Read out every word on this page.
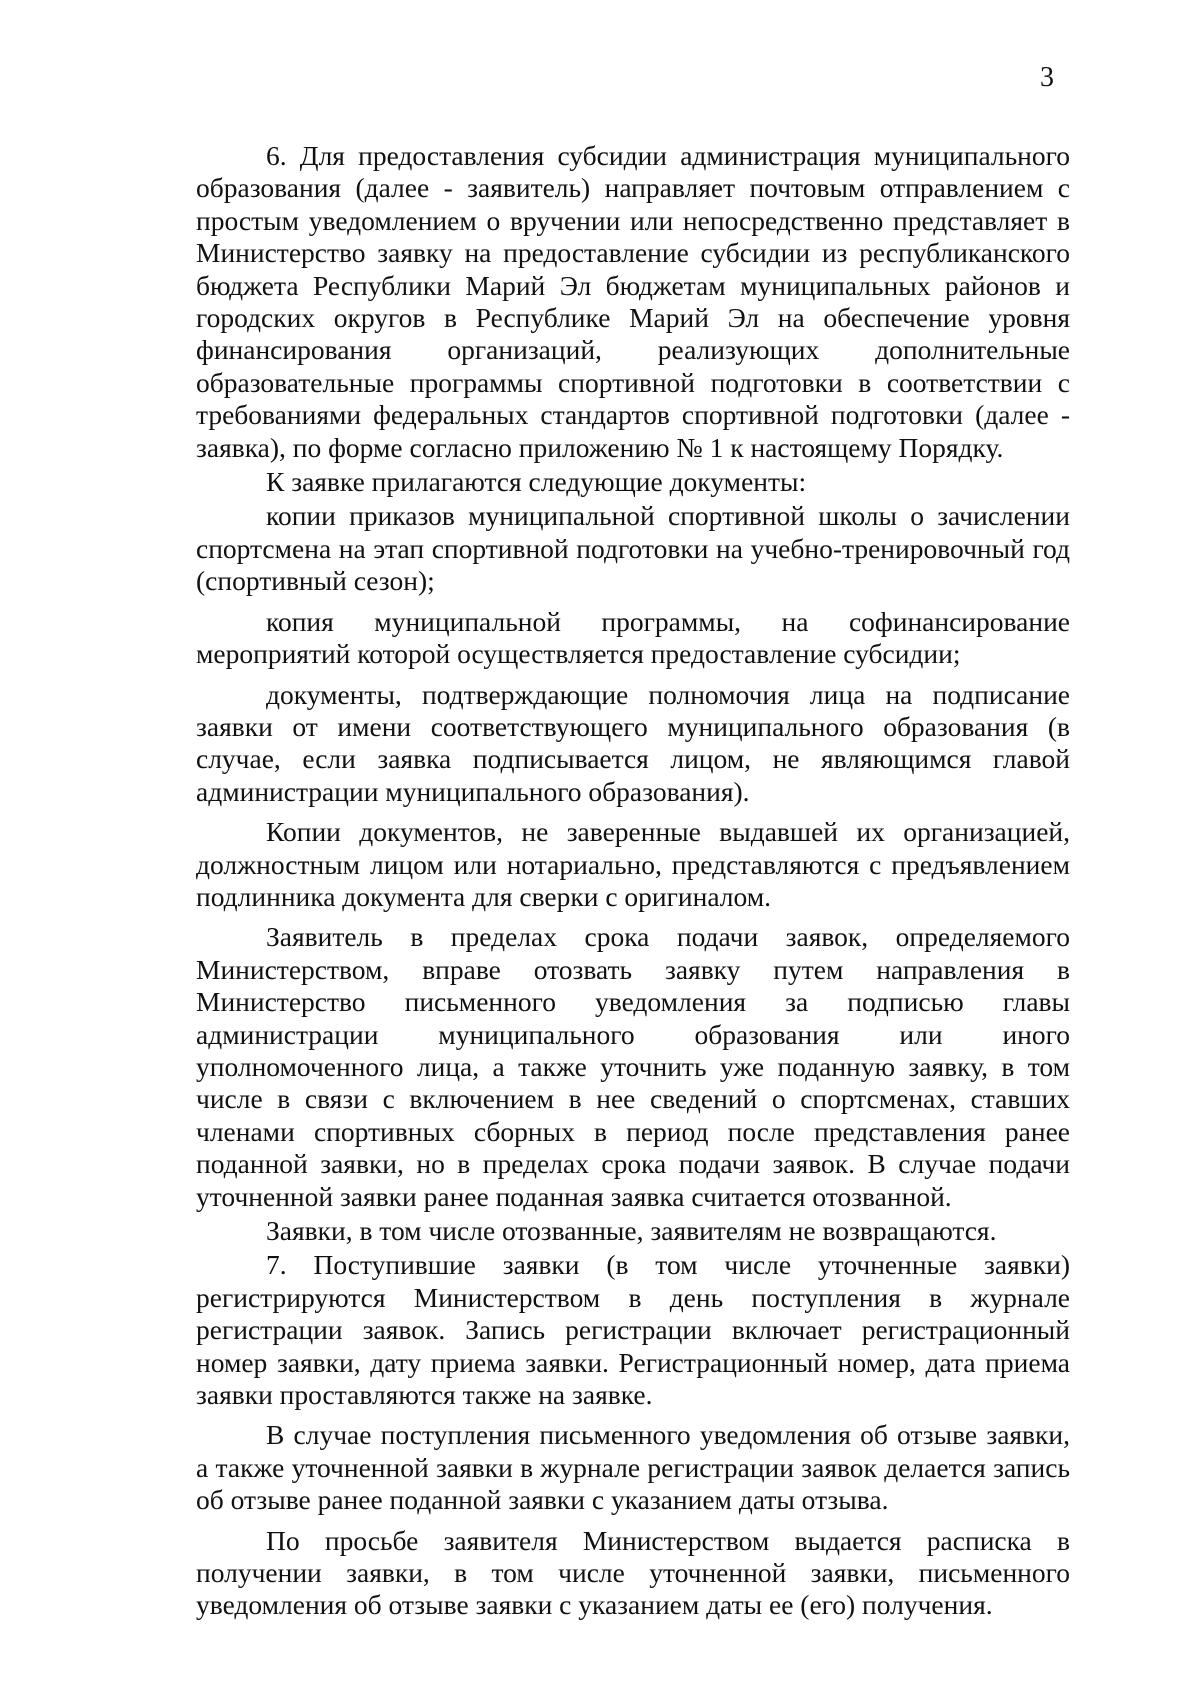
3

6. Для предоставления субсидии администрация муниципального образования (далее - заявитель) направляет почтовым отправлением с простым уведомлением о вручении или непосредственно представляет в Министерство заявку на предоставление субсидии из республиканского бюджета Республики Марий Эл бюджетам муниципальных районов и городских округов в Республике Марий Эл на обеспечение уровня финансирования организаций, реализующих дополнительные образовательные программы спортивной подготовки в соответствии с требованиями федеральных стандартов спортивной подготовки (далее - заявка), по форме согласно приложению № 1 к настоящему Порядку.

К заявке прилагаются следующие документы:

копии приказов муниципальной спортивной школы о зачислении спортсмена на этап спортивной подготовки на учебно-тренировочный год (спортивный сезон);

копия муниципальной программы, на софинансирование мероприятий которой осуществляется предоставление субсидии;

документы, подтверждающие полномочия лица на подписание заявки от имени соответствующего муниципального образования (в случае, если заявка подписывается лицом, не являющимся главой администрации муниципального образования).

Копии документов, не заверенные выдавшей их организацией, должностным лицом или нотариально, представляются с предъявлением подлинника документа для сверки с оригиналом.

Заявитель в пределах срока подачи заявок, определяемого Министерством, вправе отозвать заявку путем направления в Министерство письменного уведомления за подписью главы администрации муниципального образования или иного уполномоченного лица, а также уточнить уже поданную заявку, в том числе в связи с включением в нее сведений о спортсменах, ставших членами спортивных сборных в период после представления ранее поданной заявки, но в пределах срока подачи заявок. В случае подачи уточненной заявки ранее поданная заявка считается отозванной.

Заявки, в том числе отозванные, заявителям не возвращаются.

7. Поступившие заявки (в том числе уточненные заявки) регистрируются Министерством в день поступления в журнале регистрации заявок. Запись регистрации включает регистрационный номер заявки, дату приема заявки. Регистрационный номер, дата приема заявки проставляются также на заявке.

В случае поступления письменного уведомления об отзыве заявки, а также уточненной заявки в журнале регистрации заявок делается запись об отзыве ранее поданной заявки с указанием даты отзыва.

По просьбе заявителя Министерством выдается расписка в получении заявки, в том числе уточненной заявки, письменного уведомления об отзыве заявки с указанием даты ее (его) получения.
